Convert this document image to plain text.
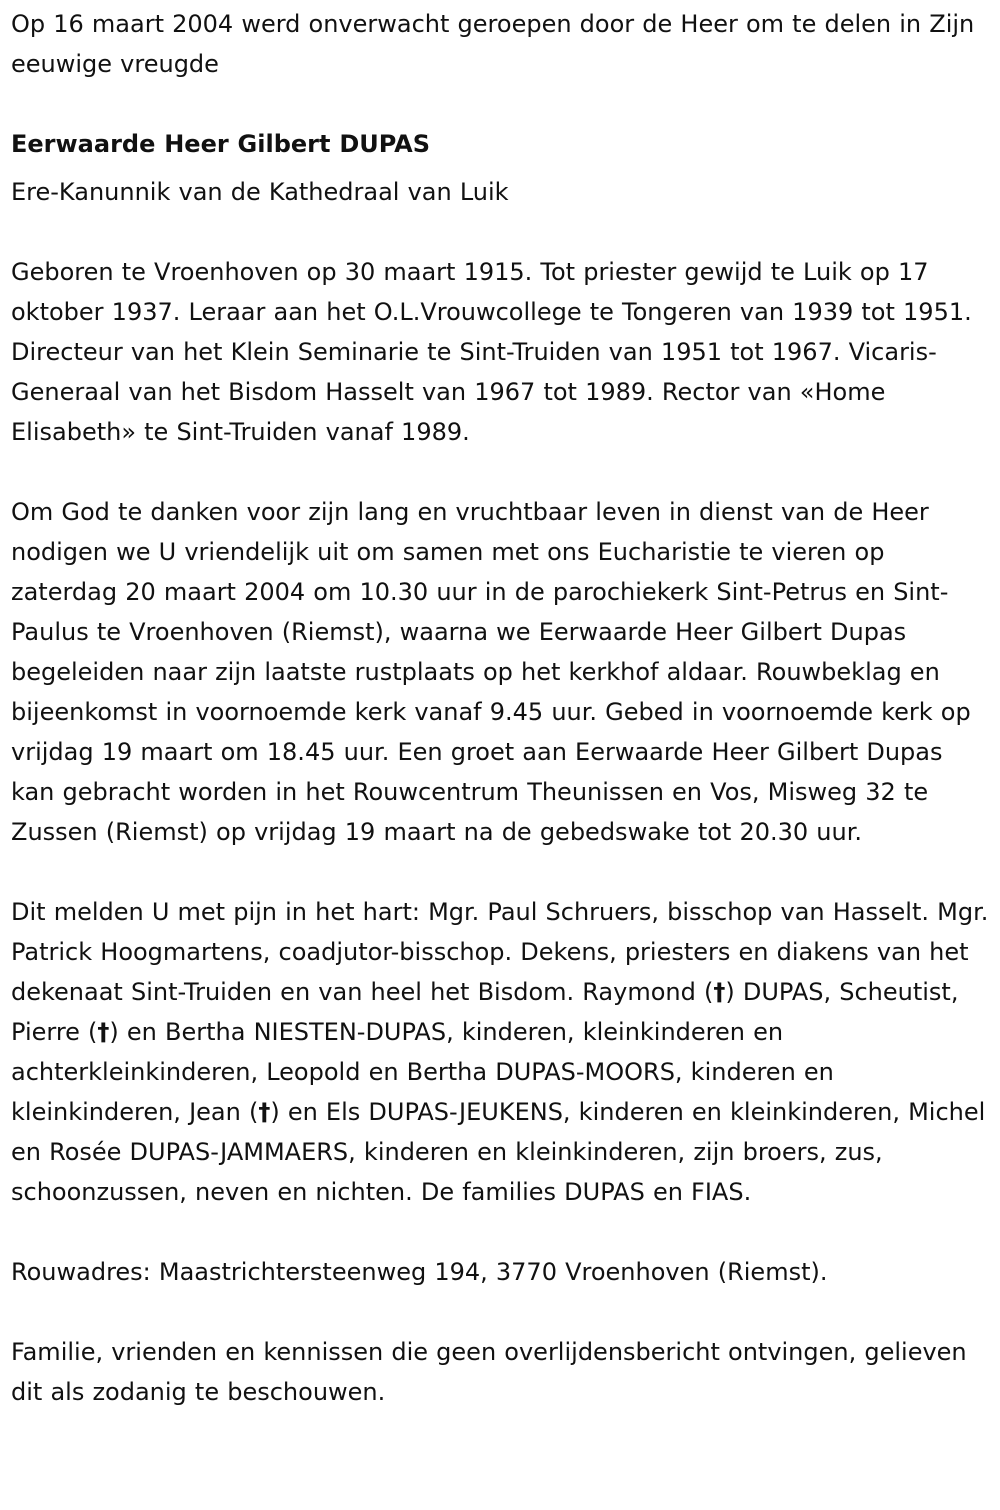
Op 16 maart 2004 werd onverwacht geroepen door de Heer om te delen in Zijn eeuwige vreugde

Eerwaarde Heer Gilbert DUPAS

Ere-Kanunnik van de Kathedraal van Luik

Geboren te Vroenhoven op 30 maart 1915. Tot priester gewijd te Luik op 17 oktober 1937. Leraar aan het O.L.Vrouwcollege te Tongeren van 1939 tot 1951. Directeur van het Klein Seminarie te Sint-Truiden van 1951 tot 1967. Vicaris-Generaal van het Bisdom Hasselt van 1967 tot 1989. Rector van «Home Elisabeth» te Sint-Truiden vanaf 1989.

Om God te danken voor zijn lang en vruchtbaar leven in dienst van de Heer nodigen we U vriendelijk uit om samen met ons Eucharistie te vieren op zaterdag 20 maart 2004 om 10.30 uur in de parochiekerk Sint-Petrus en Sint-Paulus te Vroenhoven (Riemst), waarna we Eerwaarde Heer Gilbert Dupas begeleiden naar zijn laatste rustplaats op het kerkhof aldaar. Rouwbeklag en bijeenkomst in voornoemde kerk vanaf 9.45 uur. Gebed in voornoemde kerk op vrijdag 19 maart om 18.45 uur. Een groet aan Eerwaarde Heer Gilbert Dupas kan gebracht worden in het Rouwcentrum Theunissen en Vos, Misweg 32 te Zussen (Riemst) op vrijdag 19 maart na de gebedswake tot 20.30 uur.

Dit melden U met pijn in het hart: Mgr. Paul Schruers, bisschop van Hasselt. Mgr. Patrick Hoogmartens, coadjutor-bisschop. Dekens, priesters en diakens van het dekenaat Sint-Truiden en van heel het Bisdom. Raymond (†) DUPAS, Scheutist, Pierre (†) en Bertha NIESTEN-DUPAS, kinderen, kleinkinderen en achterkleinkinderen, Leopold en Bertha DUPAS-MOORS, kinderen en kleinkinderen, Jean (†) en Els DUPAS-JEUKENS, kinderen en kleinkinderen, Michel en Rosée DUPAS-JAMMAERS, kinderen en kleinkinderen, zijn broers, zus, schoonzussen, neven en nichten. De families DUPAS en FIAS.

Rouwadres: Maastrichtersteenweg 194, 3770 Vroenhoven (Riemst).

Familie, vrienden en kennissen die geen overlijdensbericht ontvingen, gelieven dit als zodanig te beschouwen.
